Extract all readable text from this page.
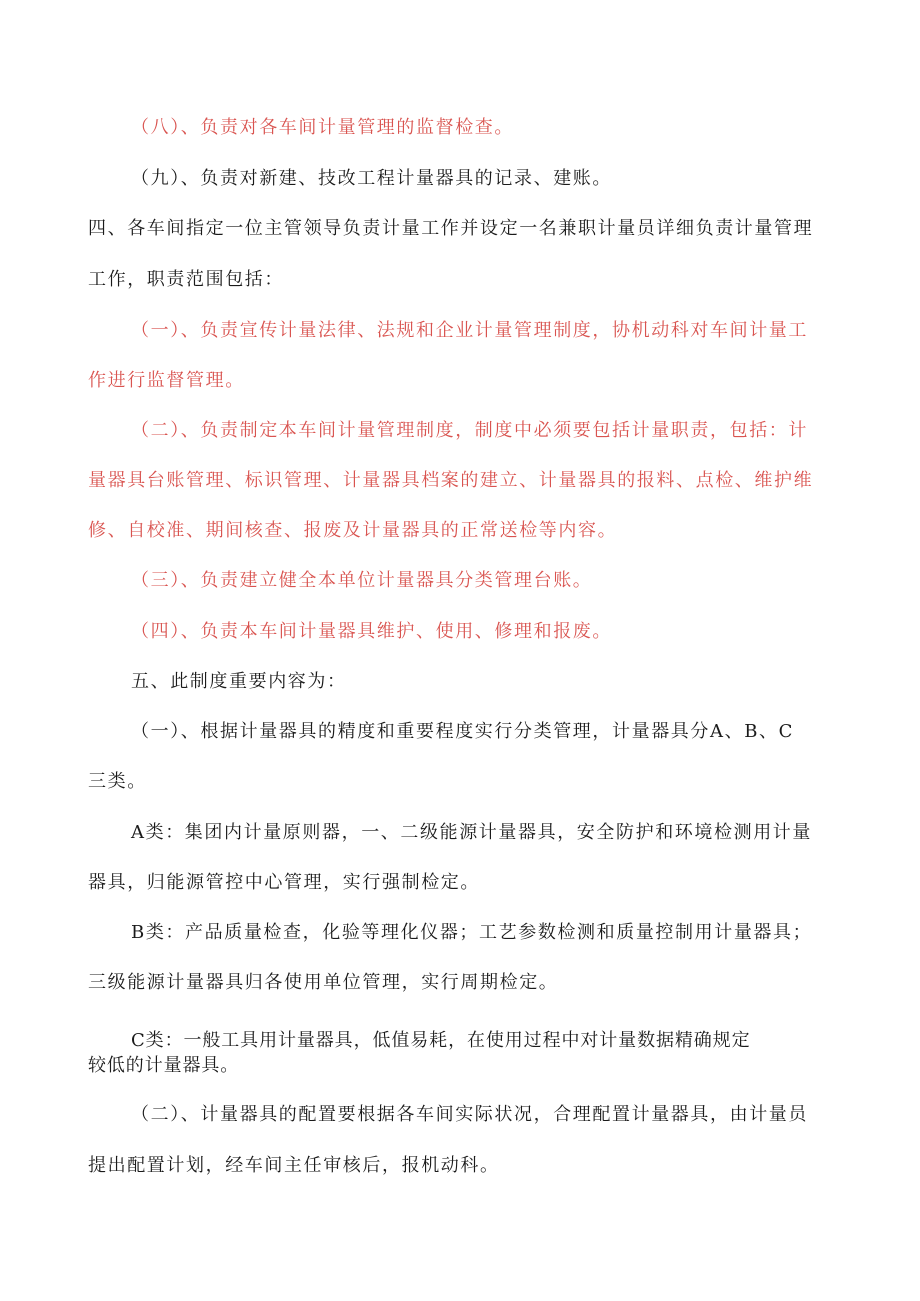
（八）、负责对各车间计量管理的监督检查。
（九）、负责对新建、技改工程计量器具的记录、建账。
四、各车间指定一位主管领导负责计量工作并设定一名兼职计量员详细负责计量管理
工作，职责范围包括：
（一）、负责宣传计量法律、法规和企业计量管理制度，协机动科对车间计量工
作进行监督管理。
（二）、负责制定本车间计量管理制度，制度中必须要包括计量职责，包括：计
量器具台账管理、标识管理、计量器具档案的建立、计量器具的报料、点检、维护维
修、自校准、期间核查、报废及计量器具的正常送检等内容。
（三）、负责建立健全本单位计量器具分类管理台账。
（四）、负责本车间计量器具维护、使用、修理和报废。
五、此制度重要内容为：
（一）、根据计量器具的精度和重要程度实行分类管理，计量器具分A、B、C
三类。
A类：集团内计量原则器，一、二级能源计量器具，安全防护和环境检测用计量
器具，归能源管控中心管理，实行强制检定。
B类：产品质量检查，化验等理化仪器；工艺参数检测和质量控制用计量器具；
三级能源计量器具归各使用单位管理，实行周期检定。
C类：一般工具用计量器具，低值易耗，在使用过程中对计量数据精确规定
较低的计量器具。
（二）、计量器具的配置要根据各车间实际状况，合理配置计量器具，由计量员
提出配置计划，经车间主任审核后，报机动科。
